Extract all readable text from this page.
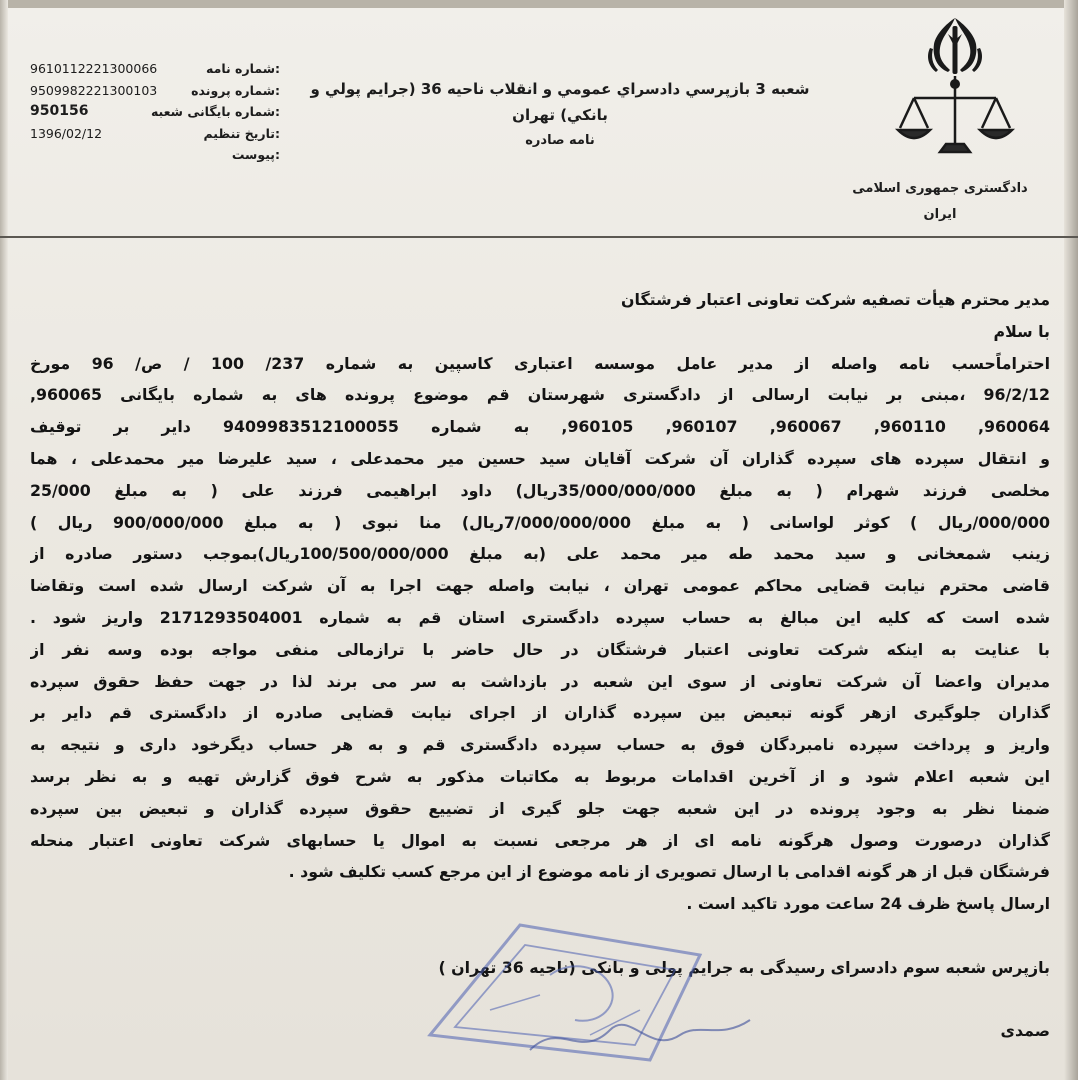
دادگستری جمهوری اسلامی
ایران
شعبه 3 بازپرسي دادسراي عمومي و انقلاب ناحيه 36 (جرايم پولي و
بانكي) تهران
نامه صادره
9610112221300066	:شماره نامه
9509982221300103	:شماره پرونده
950156	:شماره بایگانی شعبه
1396/02/12	:تاریخ تنظیم
:پیوست
مدیر محترم هیأت تصفیه شرکت تعاونی اعتبار فرشتگان
با سلام
احتراماًحسب نامه واصله از مدیر عامل موسسه اعتباری کاسپین به شماره 237/ 100 / ص/ 96 مورخ
96/2/12 ،مبنی بر نیابت ارسالی از دادگستری شهرستان قم موضوع پرونده های به شماره بایگانی 960065,
960064, 960110, 960067, 960107, 960105, به شماره 9409983512100055 دایر بر توقیف
و انتقال سپرده های سپرده گذاران آن شرکت آقایان سید حسین میر محمدعلی ، سید علیرضا میر محمدعلی ، هما
مخلصی فرزند شهرام ( به مبلغ 35/000/000/000ریال) داود ابراهیمی فرزند علی ( به مبلغ 25/000
000/000/ریال ) کوثر لواسانی ( به مبلغ 7/000/000/000ریال) منا نبوی ( به مبلغ 900/000/000 ریال )
زینب شمعخانی و سید محمد طه میر محمد علی (به مبلغ 100/500/000/000ریال)بموجب دستور صادره از
قاضی محترم نیابت قضایی محاکم عمومی تهران ، نیابت واصله جهت اجرا به آن شرکت ارسال شده است وتقاضا
شده است که کلیه این مبالغ به حساب سپرده دادگستری استان قم به شماره 2171293504001 واریز شود .
با عنایت به اینکه شرکت تعاونی اعتبار فرشتگان در حال حاضر با ترازمالی منفی مواجه بوده وسه نفر از
مدیران واعضا آن شرکت تعاونی از سوی این شعبه در بازداشت به سر می برند لذا در جهت حفظ حقوق سپرده
گذاران جلوگیری ازهر گونه تبعیض بین سپرده گذاران از اجرای نیابت قضایی صادره از دادگستری قم دایر بر
واریز و پرداخت سپرده نامبردگان فوق به حساب سپرده دادگستری قم و به هر حساب دیگرخود داری و نتیجه به
این شعبه اعلام شود و از آخرین اقدامات مربوط به مکاتبات مذکور به شرح فوق گزارش تهیه و به نظر برسد
ضمنا نظر به وجود پرونده در این شعبه جهت جلو گیری از تضییع حقوق سپرده گذاران و تبعیض بین سپرده
گذاران درصورت وصول هرگونه نامه ای از هر مرجعی نسبت به اموال یا حسابهای شرکت تعاونی اعتبار منحله
فرشتگان قبل از هر گونه اقدامی با ارسال تصویری از نامه موضوع از این مرجع کسب تکلیف شود .
ارسال پاسخ ظرف 24 ساعت مورد تاکید است .
بازپرس شعبه سوم دادسرای رسیدگی به جرایم پولی و بانکی (ناحیه 36 تهران )
صمدی
